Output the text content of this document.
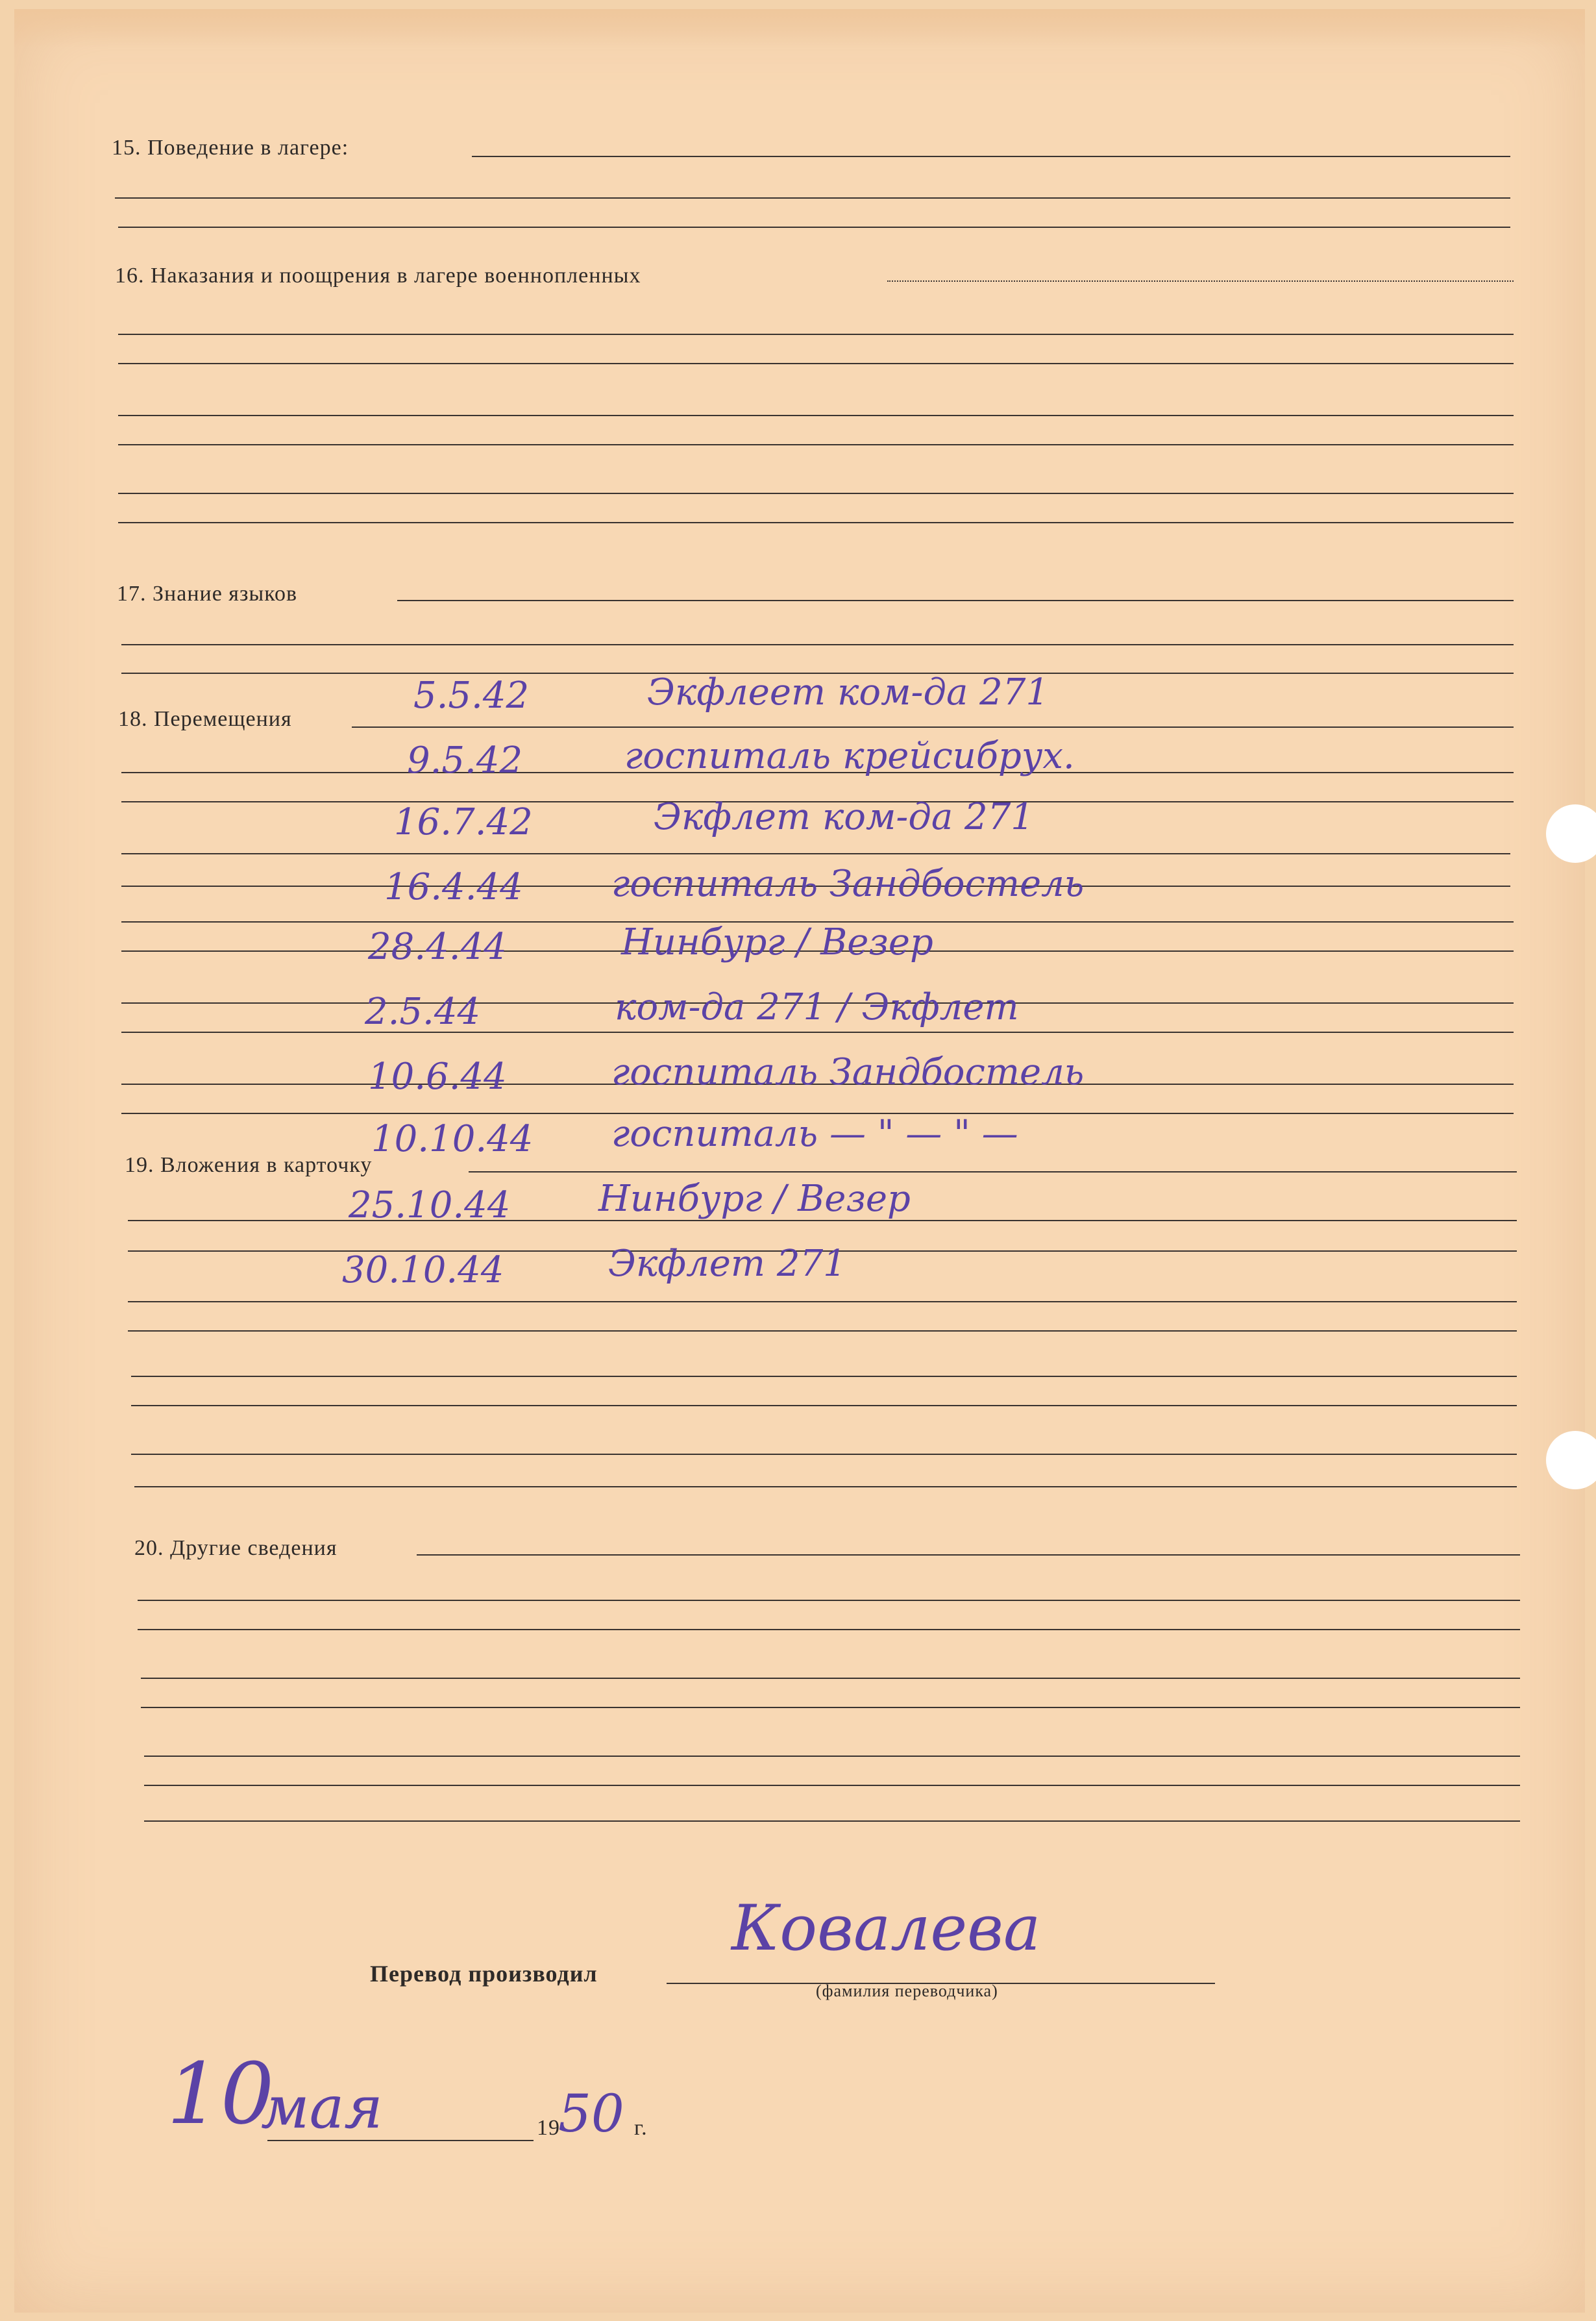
15. Поведение в лагере:
16. Наказания и поощрения в лагере военнопленных
17. Знание языков
18. Перемещения
19. Вложения в карточку
20. Другие сведения
5.5.42	Экфлеет ком-да 271
9.5.42	госпиталь крейсибрух.
16.7.42	Экфлет ком-да 271
16.4.44 госпиталь Зандбостель
28.4.44	Нинбург / Везер
2.5.44	ком-да 271 / Экфлет
10.6.44	госпиталь Зандбостель
10.10.44 госпиталь — " — " —
25.10.44 Нинбург / Везер
30.10.44	Экфлет 271
Перевод производил
(фамилия переводчика)
Ковалева
10
мая	19
50 г.
